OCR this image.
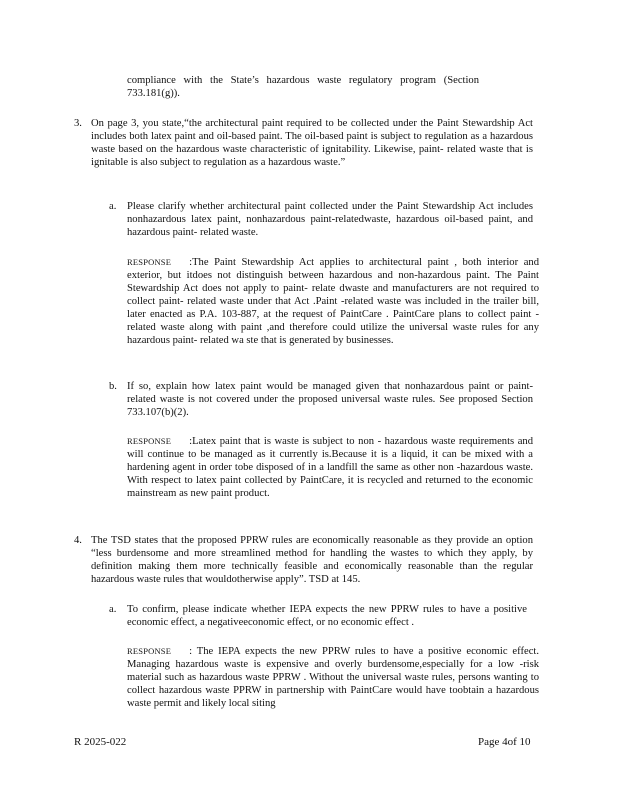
compliance with the State’s hazardous waste regulatory program (Section 733.181(g)).
3. On page 3, you state,“the architectural paint required to be collected under the Paint Stewardship Act includes both latex paint and oil-based paint. The oil-based paint is subject to regulation as a hazardous waste based on the hazardous waste characteristic of ignitability. Likewise, paint- related waste that is ignitable is also subject to regulation as a hazardous waste.”
a. Please clarify whether architectural paint collected under the Paint Stewardship Act includes nonhazardous latex paint, nonhazardous paint-relatedwaste, hazardous oil-based paint, and hazardous paint- related waste.
RESPONSE :The Paint Stewardship Act applies to architectural paint , both interior and exterior, but itdoes not distinguish between hazardous and non-hazardous paint. The Paint Stewardship Act does not apply to paint- relate dwaste and manufacturers are not required to collect paint- related waste under that Act .Paint -related waste was included in the trailer bill, later enacted as P.A. 103-887, at the request of PaintCare . PaintCare plans to collect paint -related waste along with paint ,and therefore could utilize the universal waste rules for any hazardous paint- related wa ste that is generated by businesses.
b. If so, explain how latex paint would be managed given that nonhazardous paint or paint- related waste is not covered under the proposed universal waste rules. See proposed Section 733.107(b)(2).
RESPONSE :Latex paint that is waste is subject to non - hazardous waste requirements and will continue to be managed as it currently is.Because it is a liquid, it can be mixed with a hardening agent in order tobe disposed of in a landfill the same as other non -hazardous waste. With respect to latex paint collected by PaintCare, it is recycled and returned to the economic mainstream as new paint product.
4. The TSD states that the proposed PPRW rules are economically reasonable as they provide an option “less burdensome and more streamlined method for handling the wastes to which they apply, by definition making them more technically feasible and economically reasonable than the regular hazardous waste rules that wouldotherwise apply”. TSD at 145.
a. To confirm, please indicate whether IEPA expects the new PPRW rules to have a positive economic effect, a negativeeconomic effect, or no economic effect .
RESPONSE : The IEPA expects the new PPRW rules to have a positive economic effect. Managing hazardous waste is expensive and overly burdensome,especially for a low -risk material such as hazardous waste PPRW . Without the universal waste rules, persons wanting to collect hazardous waste PPRW in partnership with PaintCare would have toobtain a hazardous waste permit and likely local siting
R 2025-022	Page 4of 10
